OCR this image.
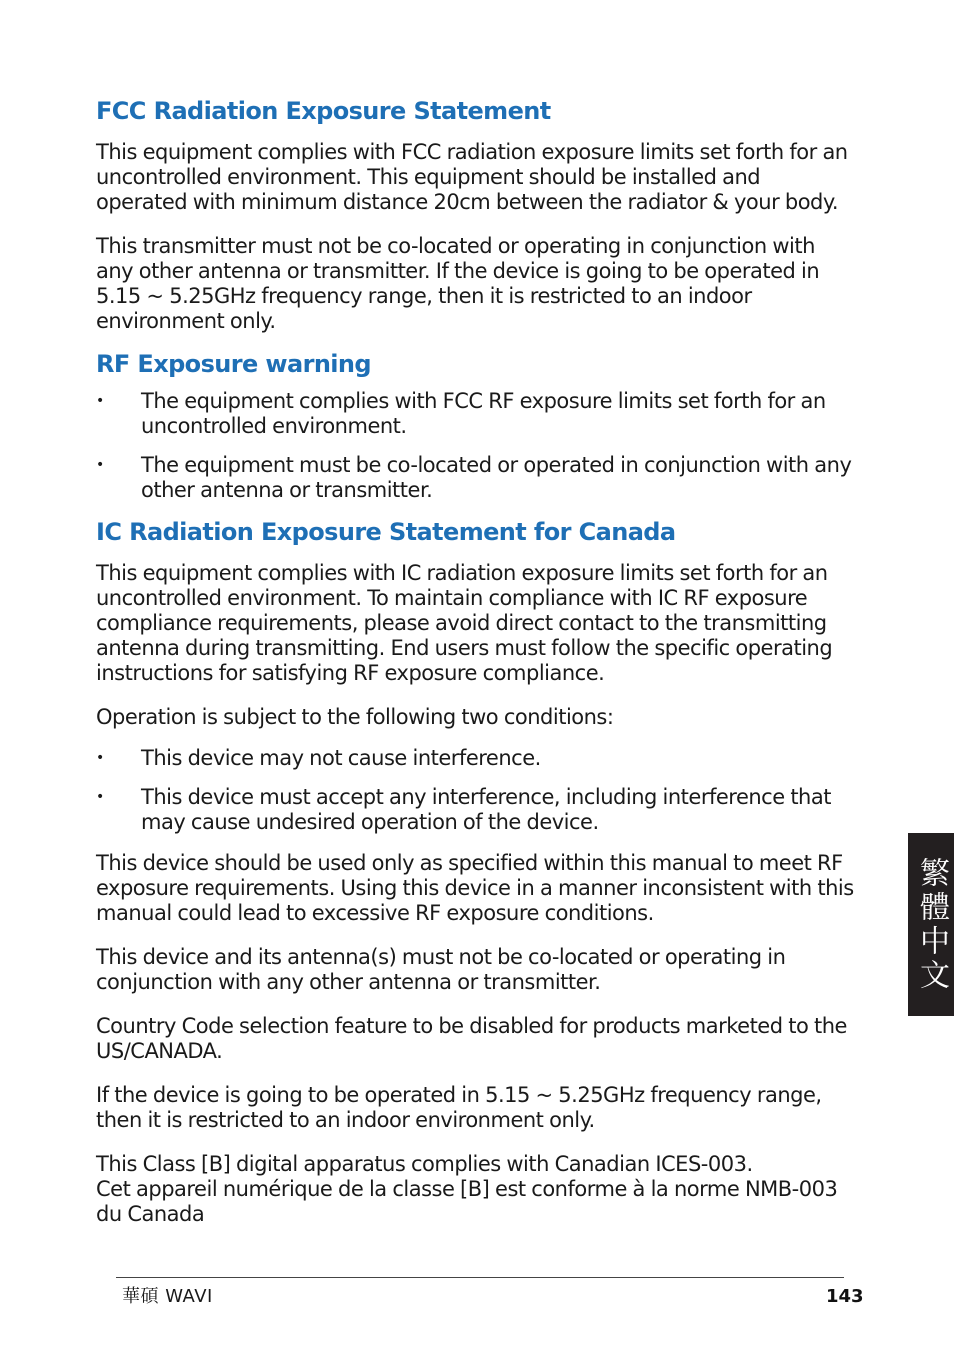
FCC Radiation Exposure Statement

This equipment complies with FCC radiation exposure limits set forth for an uncontrolled environment. This equipment should be installed and operated with minimum distance 20cm between the radiator & your body.

This transmitter must not be co-located or operating in conjunction with any other antenna or transmitter. If the device is going to be operated in 5.15 ~ 5.25GHz frequency range, then it is restricted to an indoor environment only.

RF Exposure warning
• The equipment complies with FCC RF exposure limits set forth for an uncontrolled environment.
• The equipment must be co-located or operated in conjunction with any other antenna or transmitter.
IC Radiation Exposure Statement for Canada

This equipment complies with IC radiation exposure limits set forth for an uncontrolled environment. To maintain compliance with IC RF exposure compliance requirements, please avoid direct contact to the transmitting antenna during transmitting. End users must follow the specific operating instructions for satisfying RF exposure compliance.

Operation is subject to the following two conditions:

• This device may not cause interference.
• This device must accept any interference, including interference that may cause undesired operation of the device.

This device should be used only as specified within this manual to meet RF exposure requirements. Using this device in a manner inconsistent with this manual could lead to excessive RF exposure conditions.

This device and its antenna(s) must not be co-located or operating in conjunction with any other antenna or transmitter.

Country Code selection feature to be disabled for products marketed to the US/CANADA.

If the device is going to be operated in 5.15 ~ 5.25GHz frequency range, then it is restricted to an indoor environment only.

This Class [B] digital apparatus complies with Canadian ICES-003.

Cet appareil numérique de la classe [B] est conforme à la norme NMB-003 du Canada

繁體中文
華碩 WAVI	143
